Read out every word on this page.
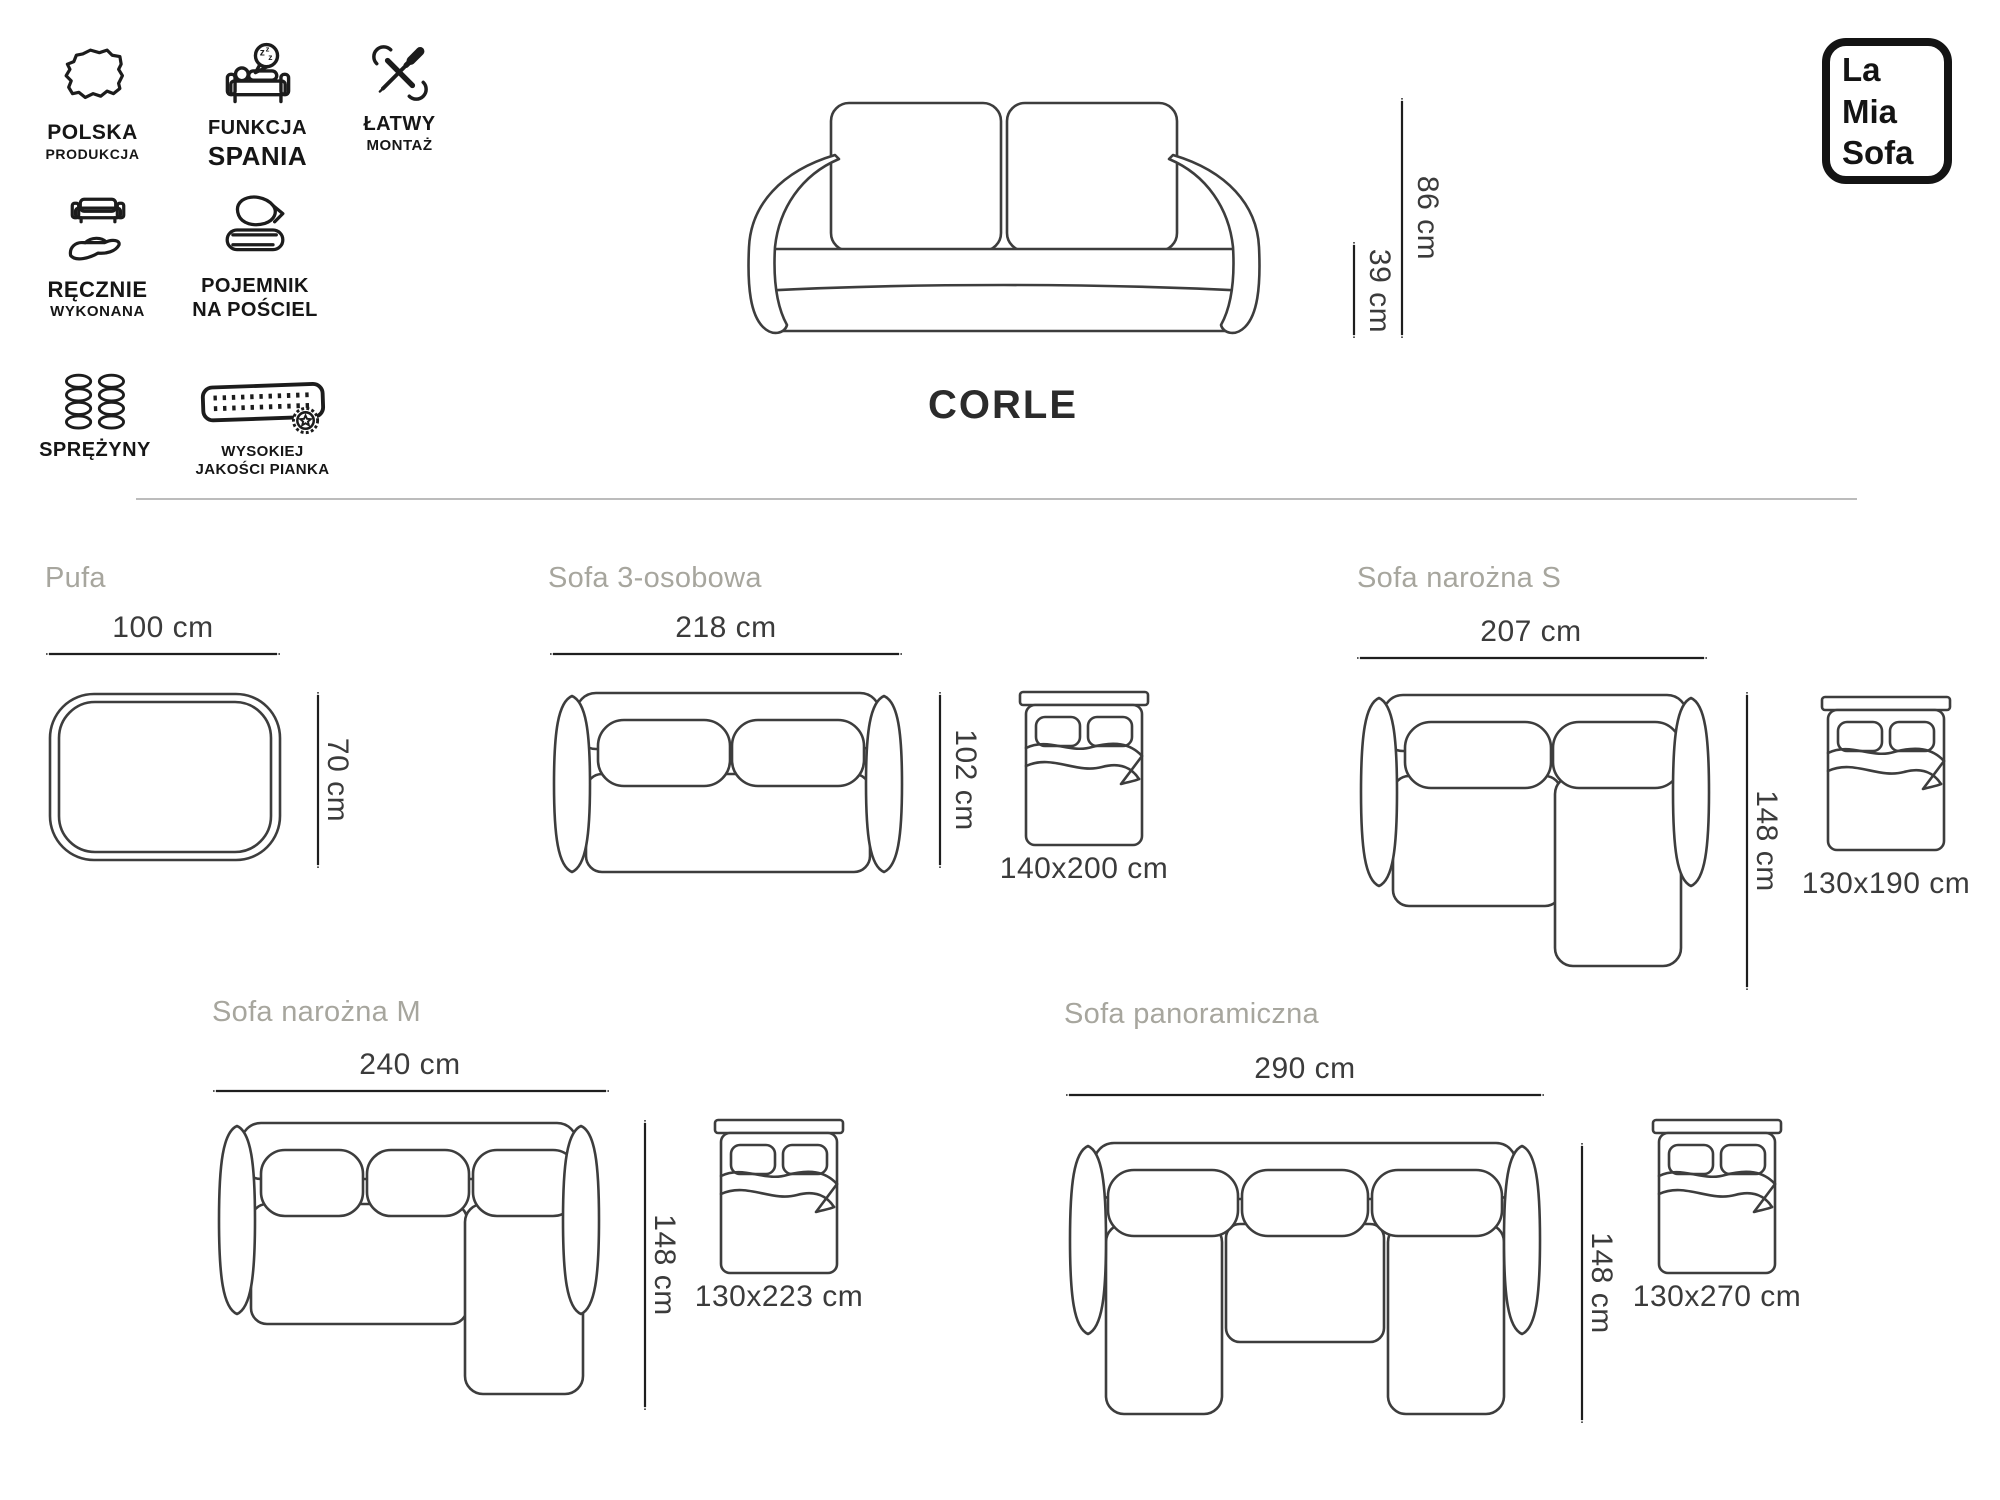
POLSKA
PRODUKCJA
z z
z
FUNKCJA
SPANIA
ŁATWY
MONTAŻ
RĘCZNIE
WYKONANA
POJEMNIK
NA POŚCIEL
SPRĘŻYNY	WYSOKIEJ
JAKOŚCI PIANKA
La
Mia
Sofa
86 cm
39 cm
CORLE
Pufa
100 cm
70 cm
Sofa 3-osobowa
218 cm
102 cm
140x200 cm
Sofa narożna S
207 cm
148 cm 130x190 cm
Sofa narożna M
240 cm
148 cm 130x223 cm
Sofa panoramiczna
290 cm
148 cm 130x270 cm
